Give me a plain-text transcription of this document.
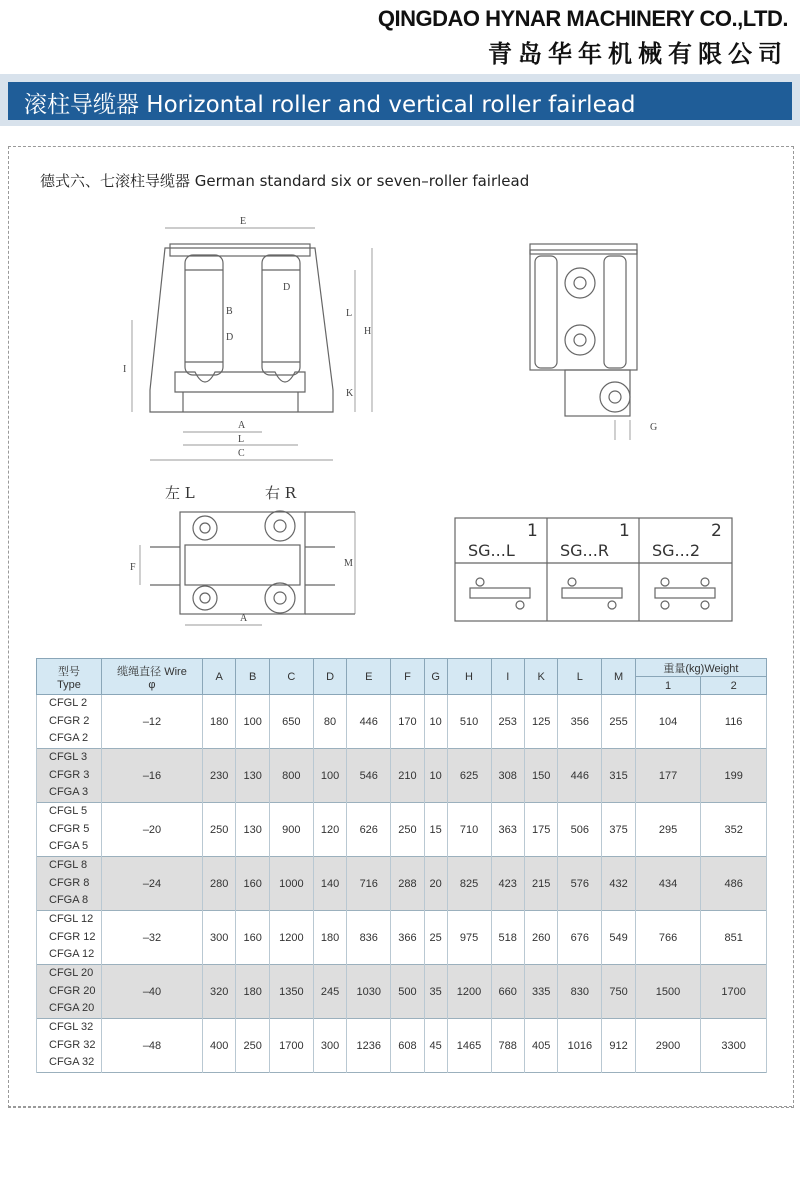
QINGDAO HYNAR MACHINERY CO.,LTD.
青岛华年机械有限公司
滚柱导缆器 Horizontal roller and vertical roller fairlead
德式六、七滚柱导缆器 German standard six or seven–roller fairlead
E
D
B
D
L
H
I
K
A
L
C
G
F	M
A
1
SG...L
1
SG...R
2
SG...2
左 L	右 R
型号
Type	缆绳直径 Wire
φ	A	B	C	D	E	F	G	H	I	K	L	M	重量(kg)Weight	
														1	2

CFGL 2
CFGR 2
CFGA 2	–12	180	100	650	80	446	170	10	510	253	125	356	255	104	116

CFGL 3
CFGR 3
CFGA 3	–16	230	130	800	100	546	210	10	625	308	150	446	315	177	199

CFGL 5
CFGR 5
CFGA 5	–20	250	130	900	120	626	250	15	710	363	175	506	375	295	352

CFGL 8
CFGR 8
CFGA 8	–24	280	160	1000	140	716	288	20	825	423	215	576	432	434	486

CFGL 12
CFGR 12
CFGA 12	–32	300	160	1200	180	836	366	25	975	518	260	676	549	766	851

CFGL 20
CFGR 20
CFGA 20	–40	320	180	1350	245	1030	500	35	1200	660	335	830	750	1500	1700

CFGL 32
CFGR 32
CFGA 32	–48	400	250	1700	300	1236	608	45	1465	788	405	1016	912	2900	3300
